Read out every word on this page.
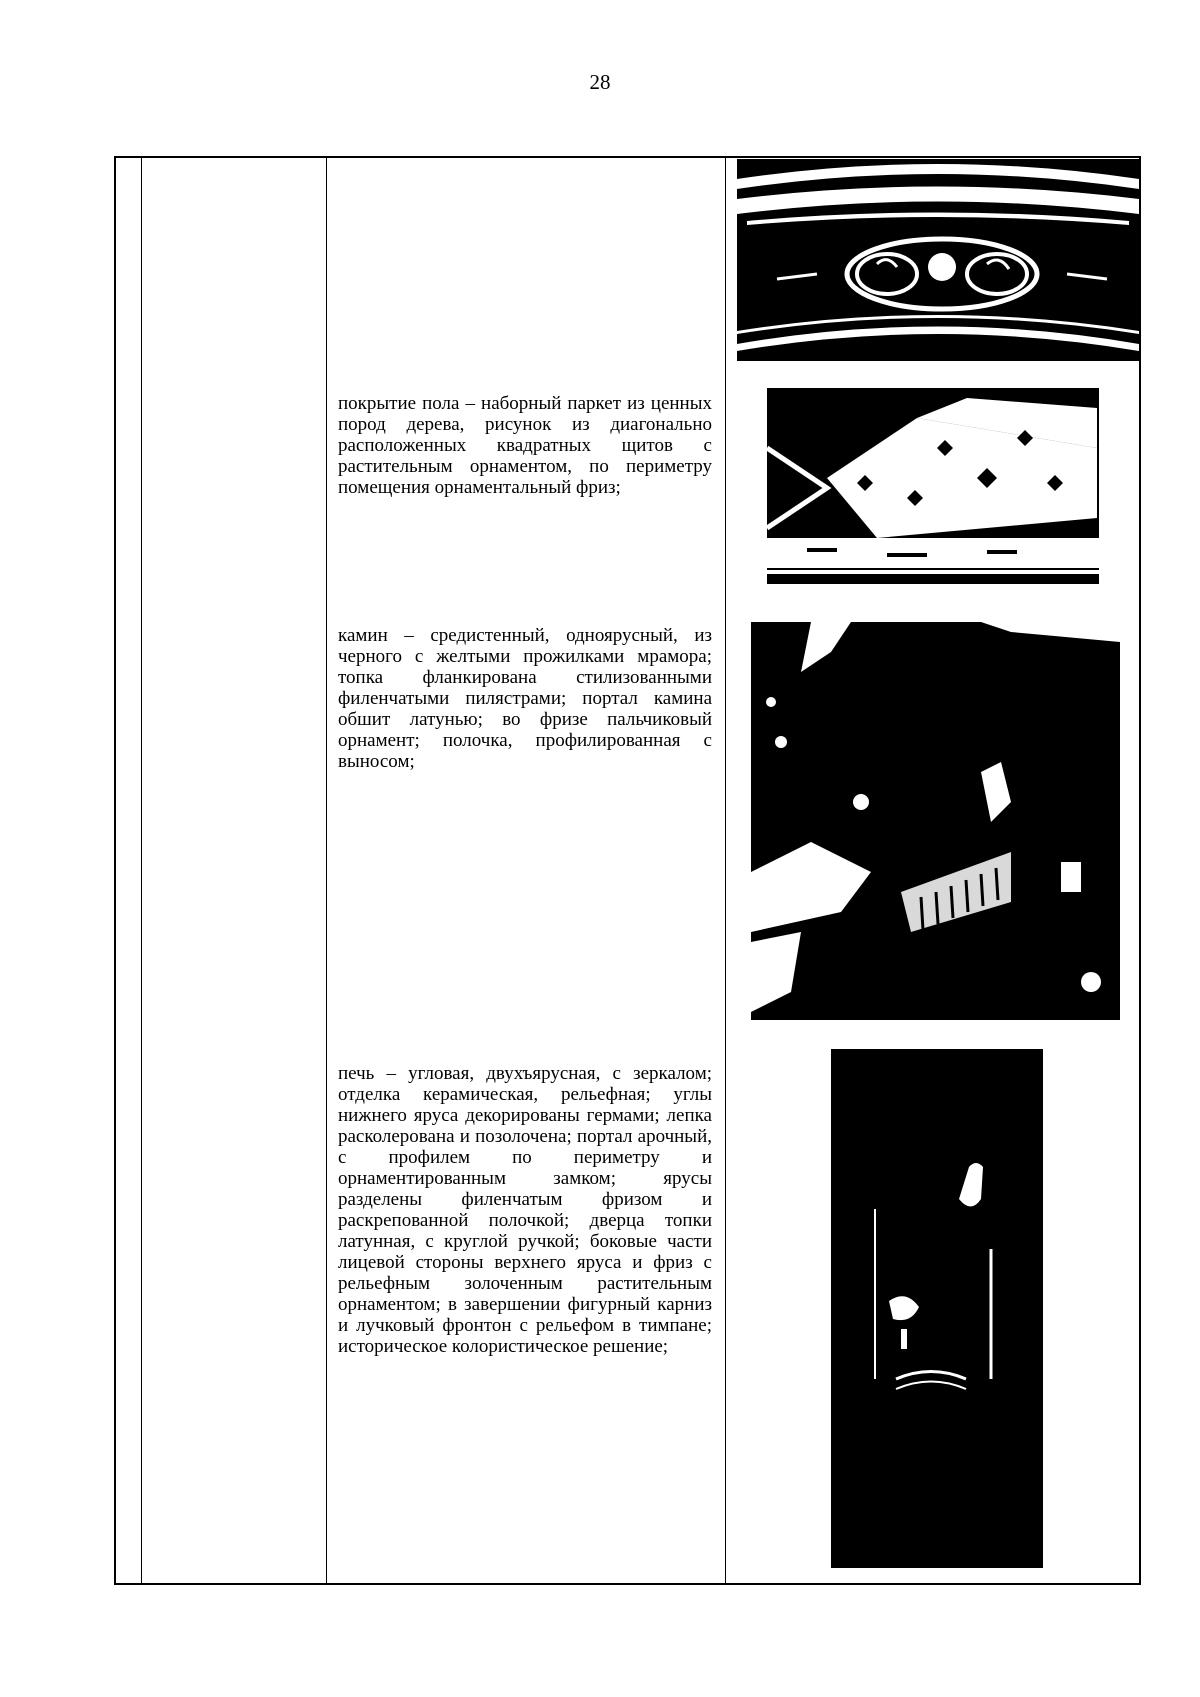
28
покрытие пола – наборный паркет из ценных пород дерева, рисунок из диагонально расположенных квадратных щитов с растительным орнаментом, по периметру помещения орнаментальный фриз;
камин – средистенный, одноярусный, из черного с желтыми прожилками мрамора; топка фланкирована стилизованными филенчатыми пилястрами; портал камина обшит латунью; во фризе пальчиковый орнамент; полочка, профилированная с выносом;
печь – угловая, двухъярусная, с зеркалом; отделка керамическая, рельефная; углы нижнего яруса декорированы гермами; лепка расколерована и позолочена; портал арочный, с профилем по периметру и орнаментированным замком; ярусы разделены филенчатым фризом и раскрепованной полочкой; дверца топки латунная, с круглой ручкой; боковые части лицевой стороны верхнего яруса и фриз с рельефным золоченным растительным орнаментом; в завершении фигурный карниз и лучковый фронтон с рельефом в тимпане; историческое колористическое решение;
